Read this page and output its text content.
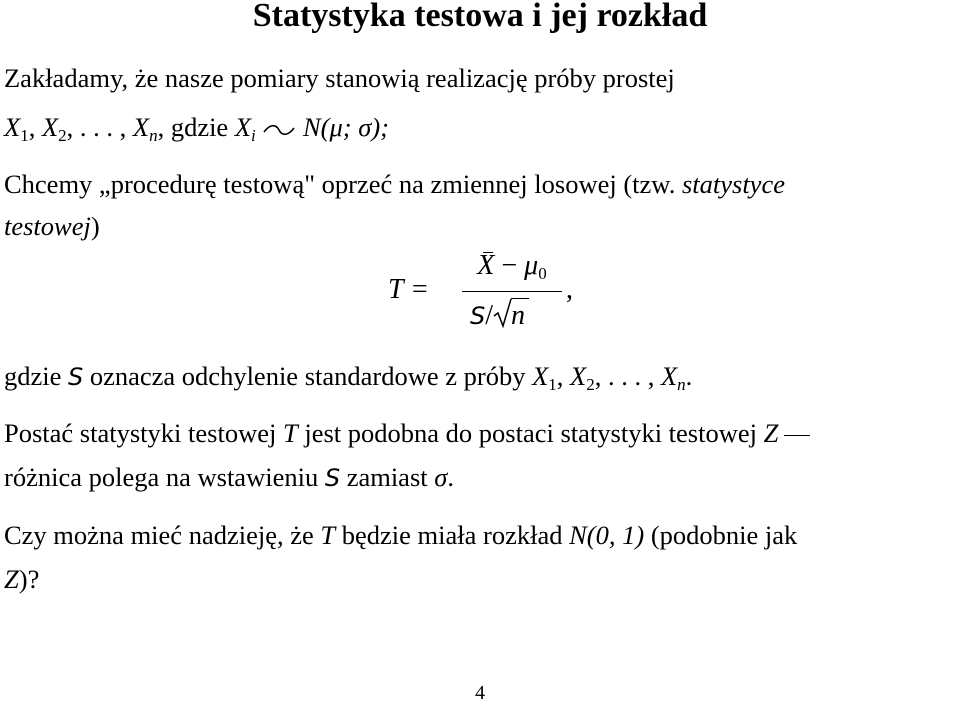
Statystyka testowa i jej rozkład
Zakładamy, że nasze pomiary stanowią realizację próby prostej
$X_1$, $X_2$, . . . , $X_n$, gdzie $X_i$ N(μ; σ);
Chcemy „procedurę testową" oprzeć na zmiennej losowej (tzw. statystyce
testowej)
T =
$X - \mu_0$
S/ n
,
gdzie S oznacza odchylenie standardowe z próby $X_1$, $X_2$, . . . , $X_n$.
Postać statystyki testowej T jest podobna do postaci statystyki testowej Z
różnica polega na wstawieniu S zamiast σ.
Czy można mieć nadzieję, że T będzie miała rozkład N(0, 1) (podobnie jak
Z)?
4
